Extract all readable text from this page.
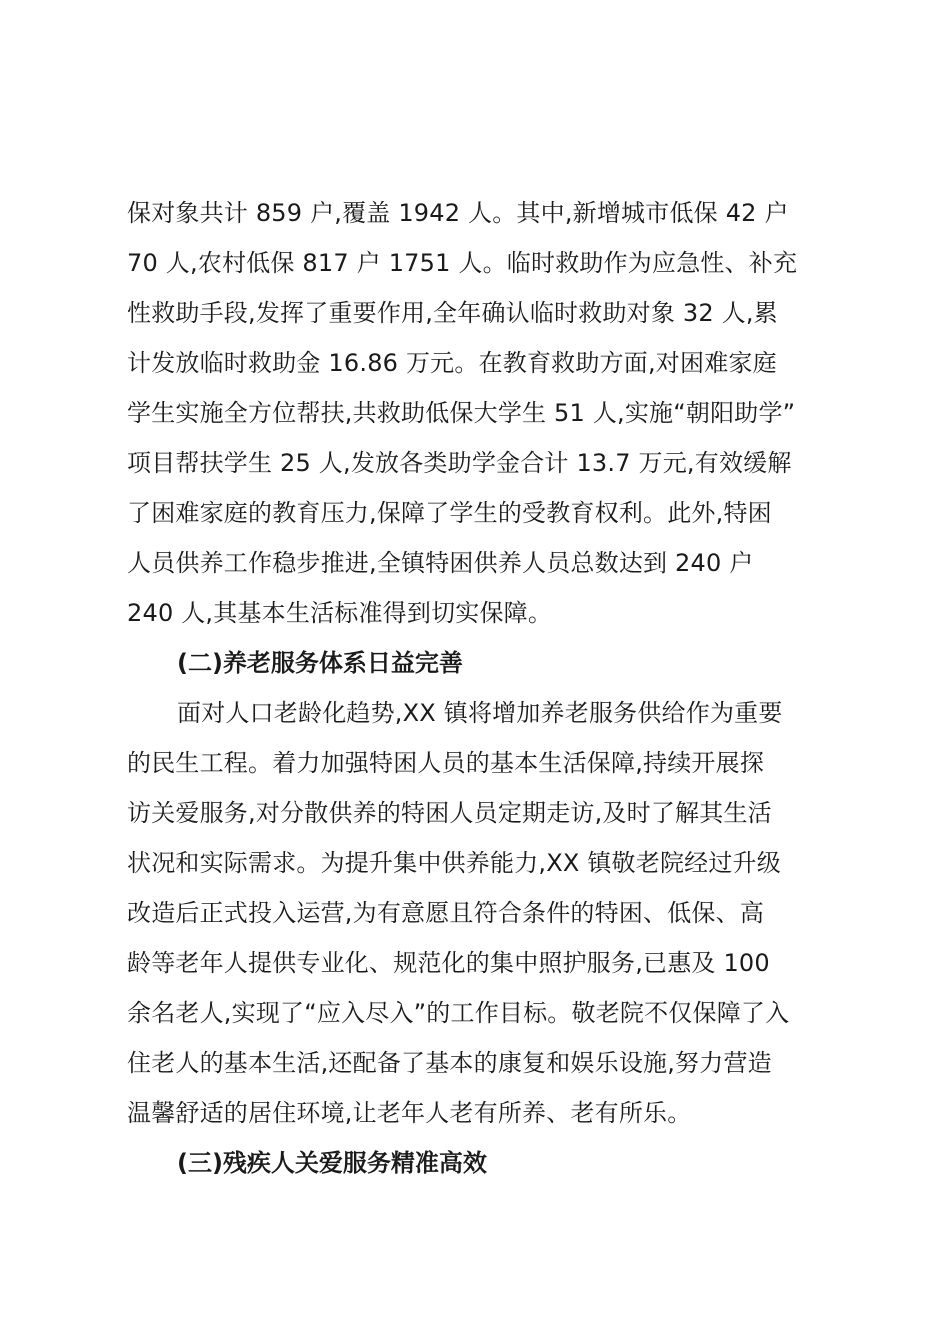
保对象共计 859 户,覆盖 1942 人。其中,新增城市低保 42 户
70 人,农村低保 817 户 1751 人。临时救助作为应急性、补充
性救助手段,发挥了重要作用,全年确认临时救助对象 32 人,累
计发放临时救助金 16.86 万元。在教育救助方面,对困难家庭
学生实施全方位帮扶,共救助低保大学生 51 人,实施“朝阳助学”
项目帮扶学生 25 人,发放各类助学金合计 13.7 万元,有效缓解
了困难家庭的教育压力,保障了学生的受教育权利。此外,特困
人员供养工作稳步推进,全镇特困供养人员总数达到 240 户
240 人,其基本生活标准得到切实保障。
(二)养老服务体系日益完善
面对人口老龄化趋势,XX 镇将增加养老服务供给作为重要
的民生工程。着力加强特困人员的基本生活保障,持续开展探
访关爱服务,对分散供养的特困人员定期走访,及时了解其生活
状况和实际需求。为提升集中供养能力,XX 镇敬老院经过升级
改造后正式投入运营,为有意愿且符合条件的特困、低保、高
龄等老年人提供专业化、规范化的集中照护服务,已惠及 100
余名老人,实现了“应入尽入”的工作目标。敬老院不仅保障了入
住老人的基本生活,还配备了基本的康复和娱乐设施,努力营造
温馨舒适的居住环境,让老年人老有所养、老有所乐。
(三)残疾人关爱服务精准高效
